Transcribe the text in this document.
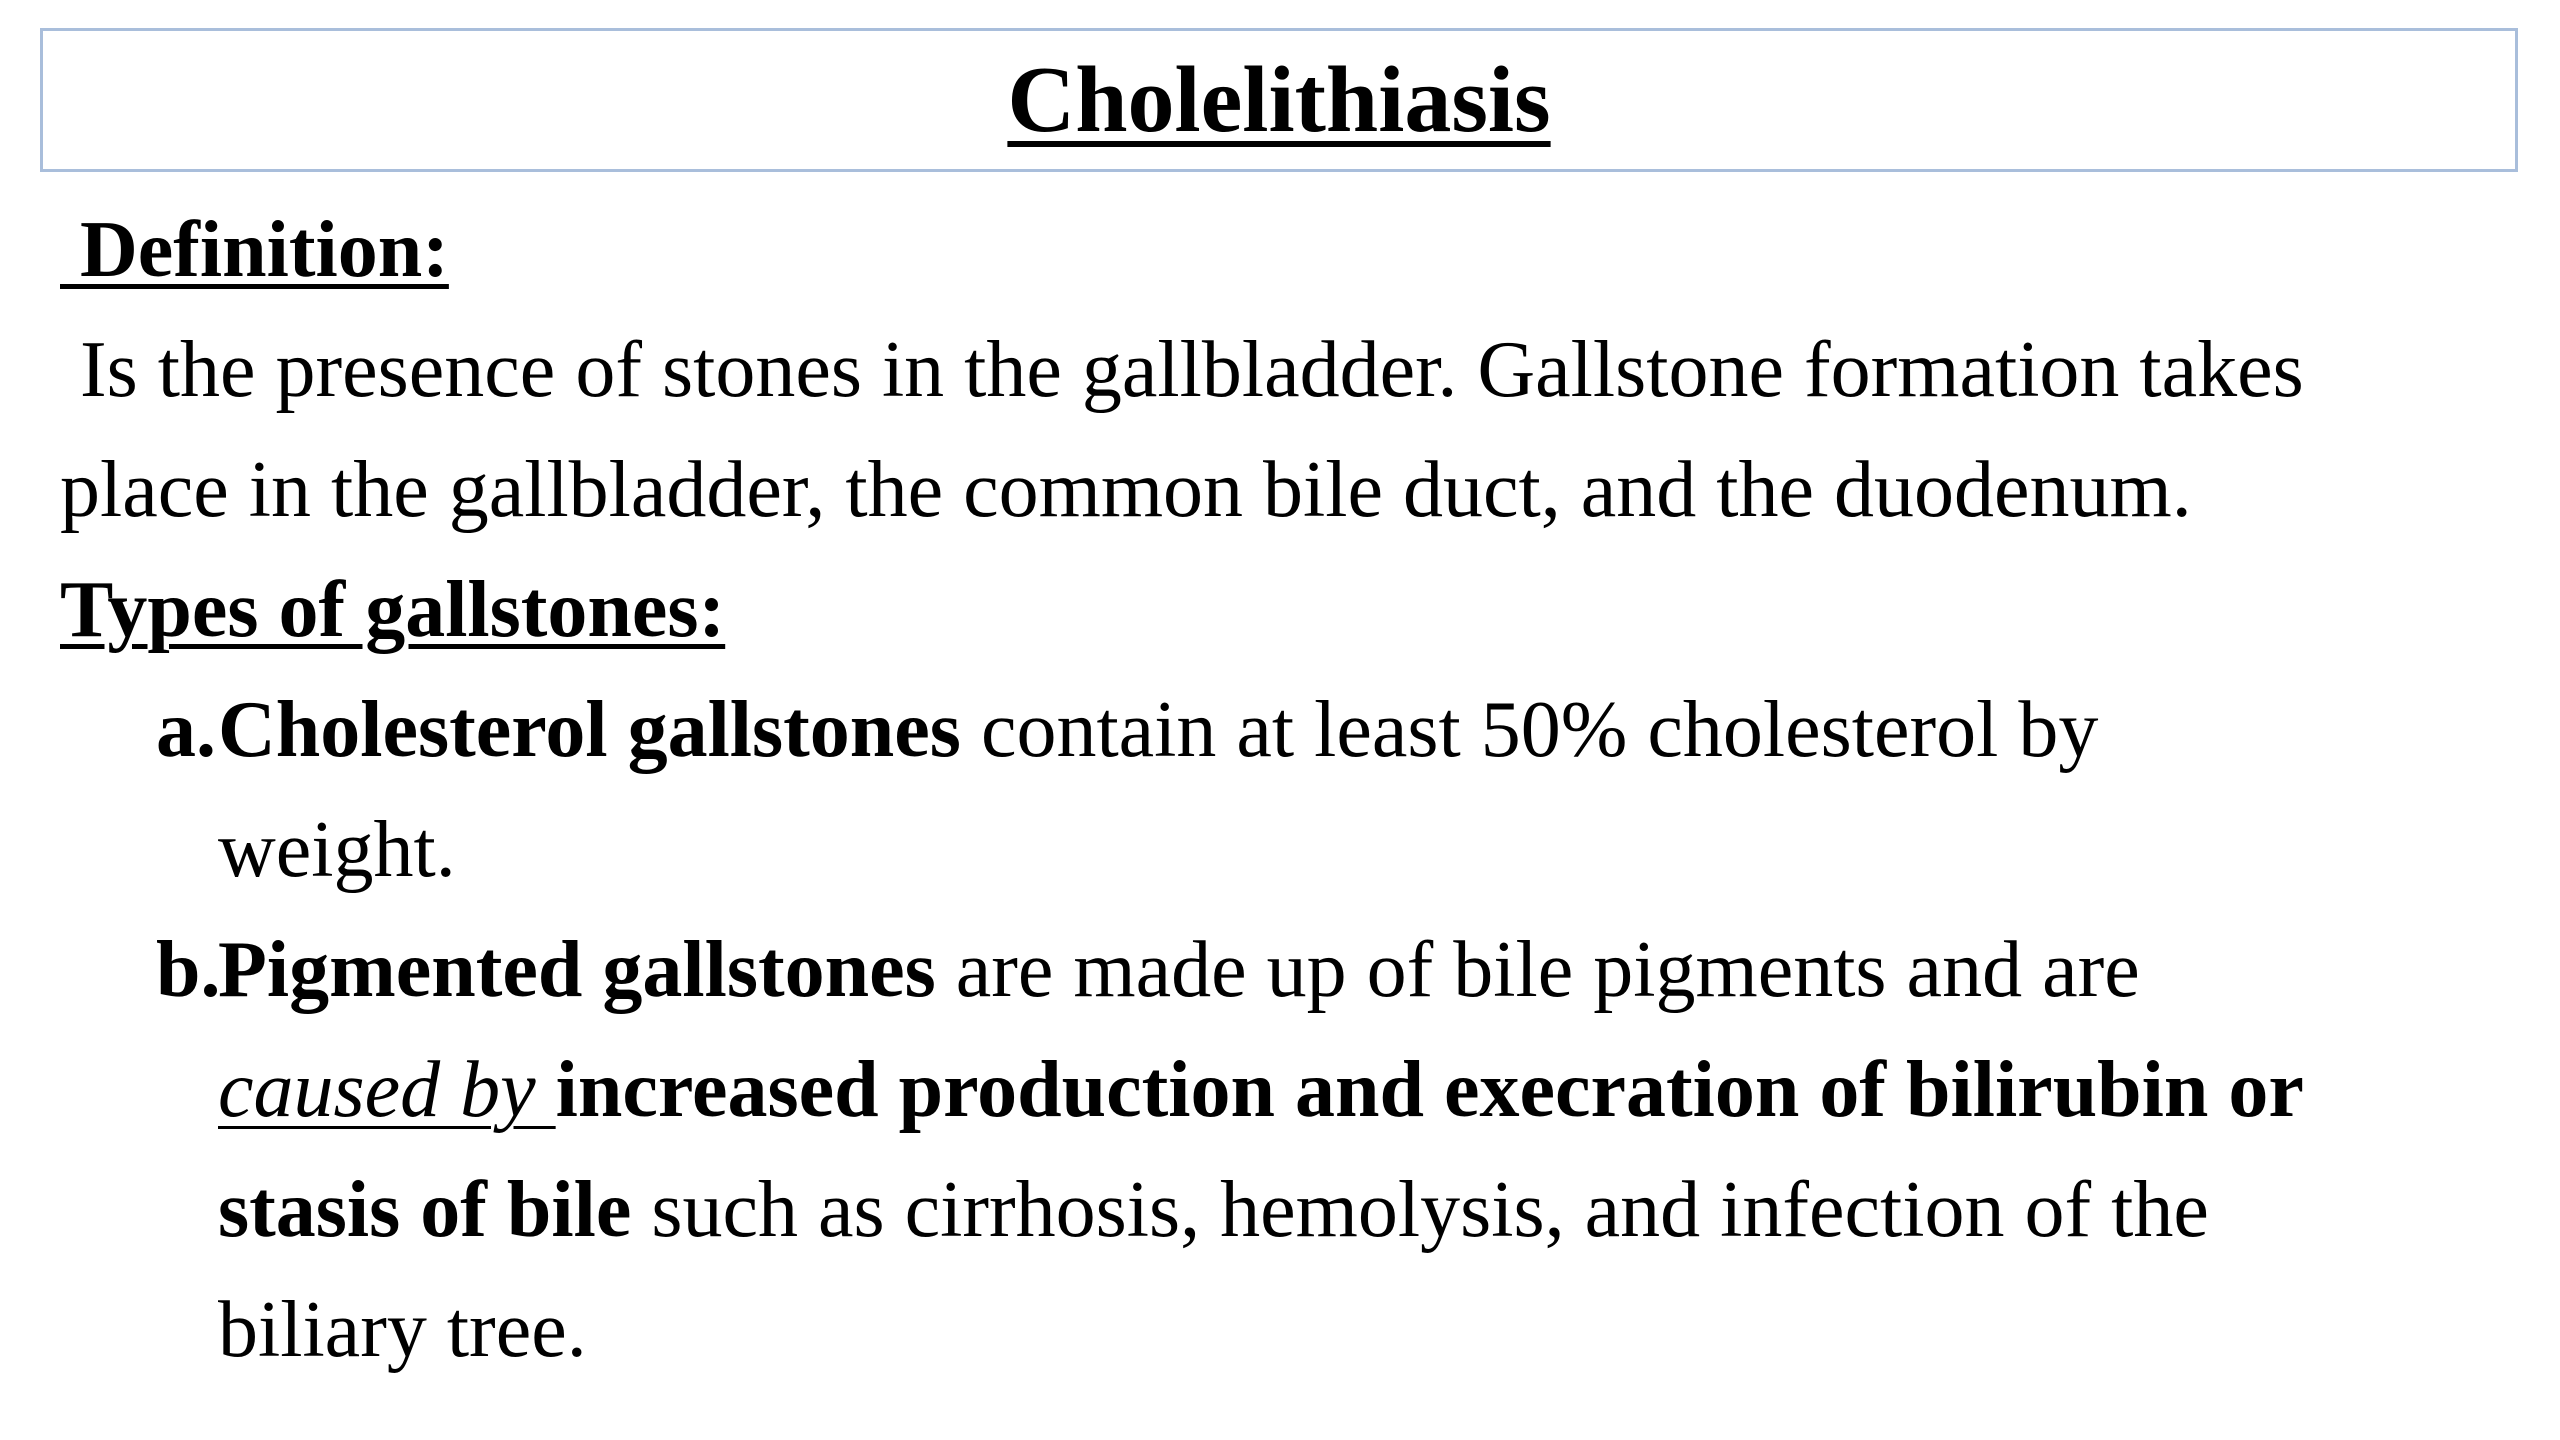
Cholelithiasis
Definition:
Is the presence of stones in the gallbladder. Gallstone formation takes
place in the gallbladder, the common bile duct, and the duodenum.
Types of gallstones:
a. Cholesterol gallstones contain at least 50% cholesterol by
weight.
b.
Pigmented gallstones are made up of bile pigments and are
caused by increased production and execration of bilirubin or
stasis of bile such as cirrhosis, hemolysis, and infection of the
biliary tree.
